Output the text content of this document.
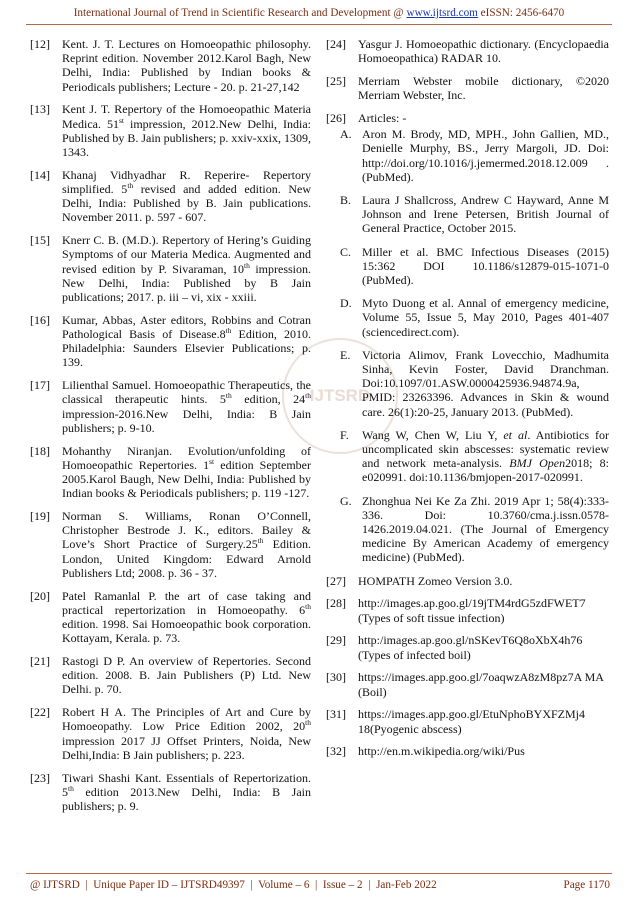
International Journal of Trend in Scientific Research and Development @ www.ijtsrd.com eISSN: 2456-6470
IJTSRD
[12]	Kent. J. T. Lectures on Homoeopathic philosophy. Reprint edition. November 2012.Karol Bagh, New Delhi, India: Published by Indian books & Periodicals publishers; Lecture - 20. p. 21-27,142
[13]	Kent J. T. Repertory of the Homoeopathic Materia Medica. 51st impression, 2012.New Delhi, India: Published by B. Jain publishers; p. xxiv-xxix, 1309, 1343.
[14]	Khanaj Vidhyadhar R. Reperire- Repertory simplified. 5th revised and added edition. New Delhi, India: Published by B. Jain publications. November 2011. p. 597 - 607.
[15]	Knerr C. B. (M.D.). Repertory of Hering’s Guiding Symptoms of our Materia Medica. Augmented and revised edition by P. Sivaraman, 10th impression. New Delhi, India: Published by B Jain publications; 2017. p. iii – vi, xix - xxiii.
[16]	Kumar, Abbas, Aster editors, Robbins and Cotran Pathological Basis of Disease.8th Edition, 2010. Philadelphia: Saunders Elsevier Publications; p. 139.
[17]	Lilienthal Samuel. Homoeopathic Therapeutics, the classical therapeutic hints. 5th edition, 24th impression-2016.New Delhi, India: B Jain publishers; p. 9-10.
[18]	Mohanthy Niranjan. Evolution/unfolding of Homoeopathic Repertories. 1st edition September 2005.Karol Baugh, New Delhi, India: Published by Indian books & Periodicals publishers; p. 119 -127.
[19]	Norman S. Williams, Ronan O’Connell, Christopher Bestrode J. K., editors. Bailey & Love’s Short Practice of Surgery.25th Edition. London, United Kingdom: Edward Arnold Publishers Ltd; 2008. p. 36 - 37.
[20]	Patel Ramanlal P. the art of case taking and practical repertorization in Homoeopathy. 6th edition. 1998. Sai Homoeopathic book corporation. Kottayam, Kerala. p. 73.
[21]	Rastogi D P. An overview of Repertories. Second edition. 2008. B. Jain Publishers (P) Ltd. New Delhi. p. 70.
[22]	Robert H A. The Principles of Art and Cure by Homoeopathy. Low Price Edition 2002, 20th impression 2017 JJ Offset Printers, Noida, New Delhi,India: B Jain publishers; p. 223.
[23]	Tiwari Shashi Kant. Essentials of Repertorization. 5th edition 2013.New Delhi, India: B Jain publishers; p. 9.
[24]	Yasgur J. Homoeopathic dictionary. (Encyclopaedia Homoeopathica) RADAR 10.
[25]	Merriam Webster mobile dictionary, ©2020 Merriam Webster, Inc.
[26]	Articles: -
A. Aron M. Brody, MD, MPH., John Gallien, MD., Denielle Murphy, BS., Jerry Margoli, JD. Doi: http://doi.org/10.1016/j.jemermed.2018.12.009 . (PubMed).
B. Laura J Shallcross, Andrew C Hayward, Anne M Johnson and Irene Petersen, British Journal of General Practice, October 2015.
C. Miller et al. BMC Infectious Diseases (2015) 15:362 DOI 10.1186/s12879-015-1071-0 (PubMed).
D. Myto Duong et al. Annal of emergency medicine, Volume 55, Issue 5, May 2010, Pages 401-407 (sciencedirect.com).
E. Victoria Alimov, Frank Lovecchio, Madhumita Sinha, Kevin Foster, David Dranchman. Doi:10.1097/01.ASW.0000425936.94874.9a, PMID: 23263396. Advances in Skin & wound care. 26(1):20-25, January 2013. (PubMed).
F.	Wang W, Chen W, Liu Y, et al. Antibiotics for uncomplicated skin abscesses: systematic review and network meta-analysis. BMJ Open2018; 8: e020991. doi:10.1136/bmjopen-2017-020991.
G. Zhonghua Nei Ke Za Zhi. 2019 Apr 1; 58(4):333-336. Doi: 10.3760/cma.j.issn.0578-1426.2019.04.021. (The Journal of Emergency medicine By American Academy of emergency medicine) (PubMed).
[27]	HOMPATH Zomeo Version 3.0.
[28]	http://images.ap.goo.gl/19jTM4rdG5zdFWET7 (Types of soft tissue infection)
[29]	http:/images.ap.goo.gl/nSKevT6Q8oXbX4h76 (Types of infected boil)
[30]	https://images.app.goo.gl/7oaqwzA8zM8pz7A MA (Boil)
[31]	https://images.app.goo.gl/EtuNphoBYXFZMj4 18(Pyogenic abscess)
[32]	http://en.m.wikipedia.org/wiki/Pus
@ IJTSRD  |  Unique Paper ID – IJTSRD49397  |  Volume – 6  |  Issue – 2  |  Jan-Feb 2022	Page 1170
